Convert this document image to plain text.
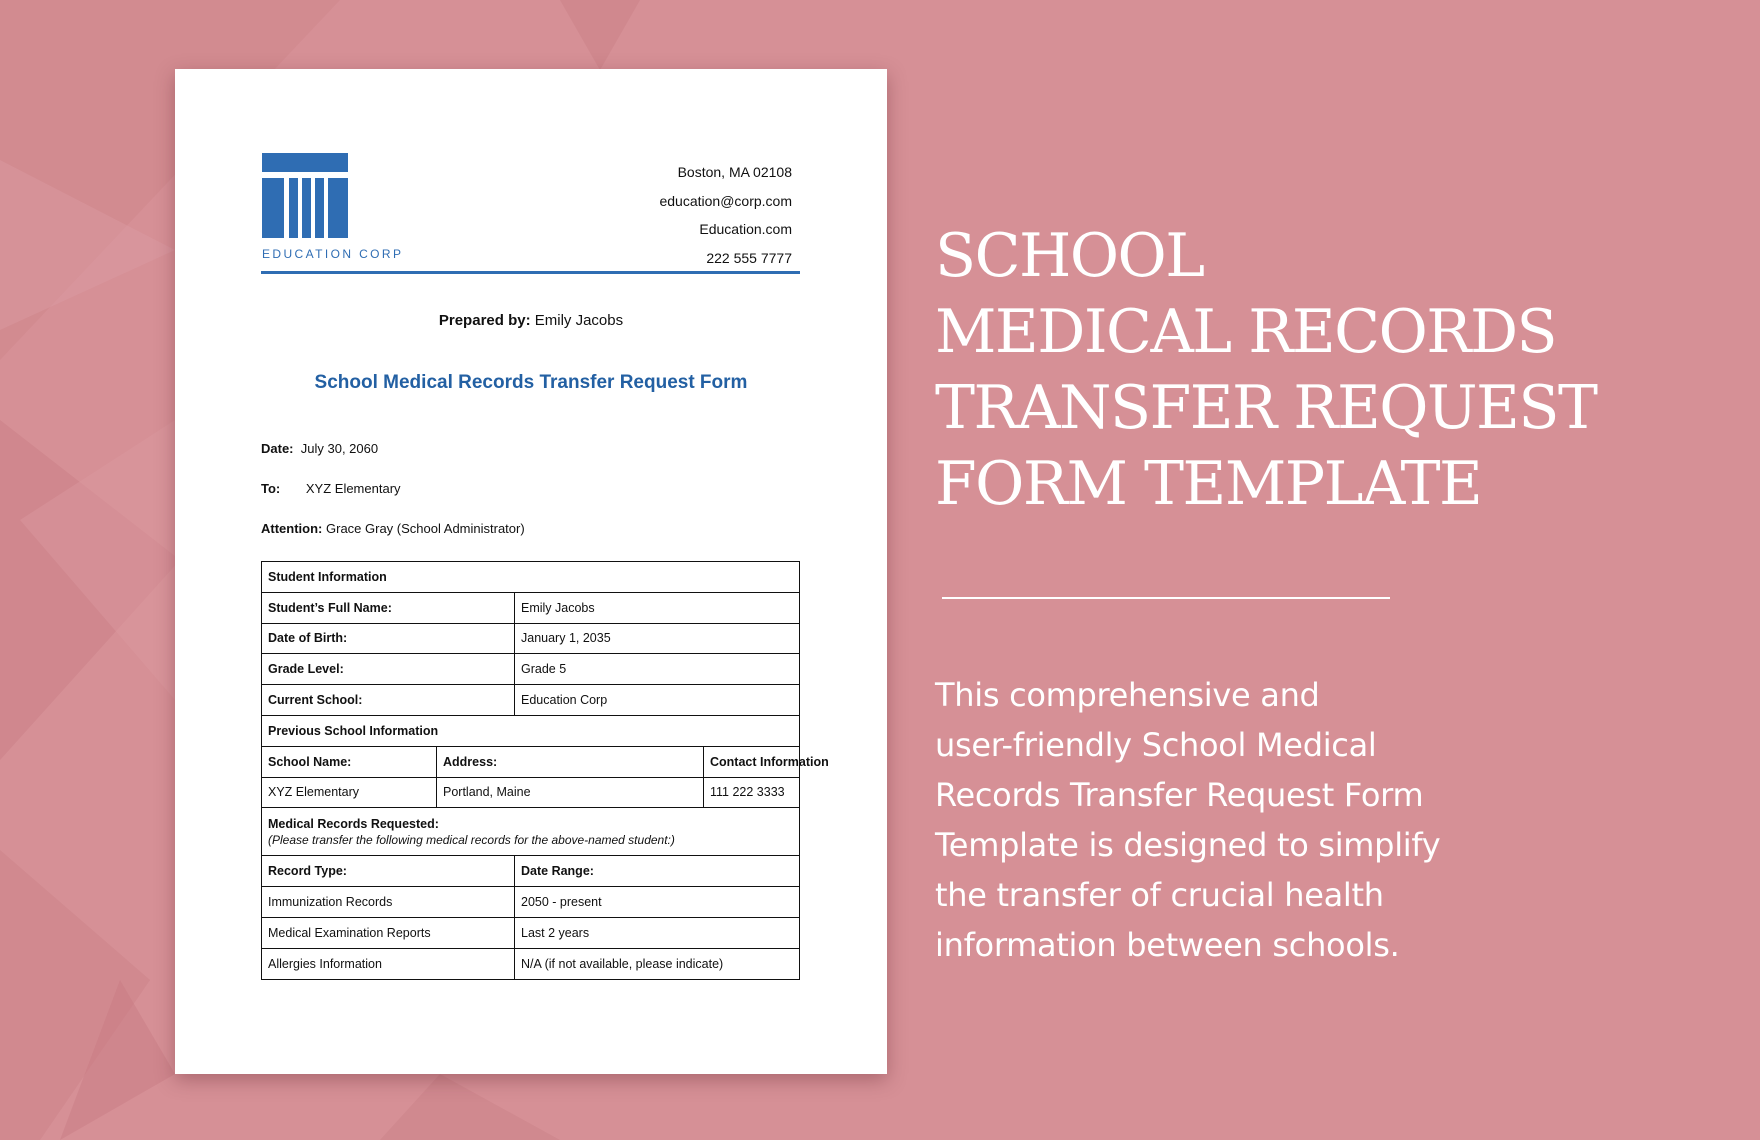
EDUCATION CORP
Boston, MA 02108
education@corp.com
Education.com
222 555 7777
Prepared by: Emily Jacobs
School Medical Records Transfer Request Form
Date: July 30, 2060
To: XYZ Elementary
Attention: Grace Gray (School Administrator)
Student Information			
Student’s Full Name:		Emily Jacobs	
Date of Birth:		January 1, 2035	
Grade Level:		Grade 5	
Current School:		Education Corp	
Previous School Information			
School Name:	Address:		Contact Information
XYZ Elementary	Portland, Maine		111 222 3333
Medical Records Requested:
(Please transfer the following medical records for the above-named student:)			
Record Type:		Date Range:	
Immunization Records		2050 - present	
Medical Examination Reports		Last 2 years	
Allergies Information		N/A (if not available, please indicate)	
SCHOOL
MEDICAL RECORDS
TRANSFER REQUEST
FORM TEMPLATE
This comprehensive and
user-friendly School Medical
Records Transfer Request Form
Template is designed to simplify
the transfer of crucial health
information between schools.
